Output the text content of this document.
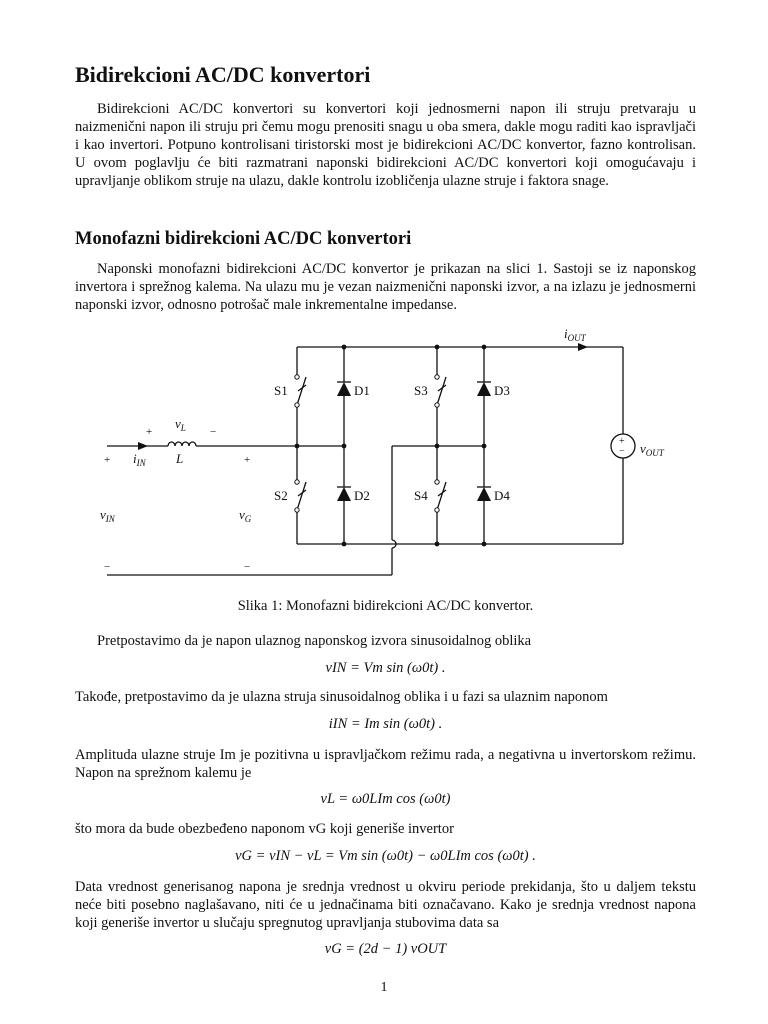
Bidirekcioni AC/DC konvertori

Bidirekcioni AC/DC konvertori su konvertori koji jednosmerni napon ili struju pretvaraju u naizmenični napon ili struju pri čemu mogu prenositi snagu u oba smera, dakle mogu raditi kao ispravljači i kao invertori. Potpuno kontrolisani tiristorski most je bidirekcioni AC/DC konvertor, fazno kontrolisan. U ovom poglavlju će biti razmatrani naponski bidirekcioni AC/DC konvertori koji omogućavaju i upravljanje oblikom struje na ulazu, dakle kontrolu izobličenja ulazne struje i faktora snage.

Monofazni bidirekcioni AC/DC konvertori

Naponski monofazni bidirekcioni AC/DC konvertor je prikazan na slici 1. Sastoji se iz naponskog invertora i sprežnog kalema. Na ulazu mu je vezan naizmenični naponski izvor, a na izlazu je jednosmerni naponski izvor, odnosno potrošač male inkrementalne impedanse.

$i_{OUT}$
$v_{OUT}$
+
−
S1	D1	S3	D3
S2	D2	S4	D4
$v_L$
+	−
L
+ $i_{IN}$	+
$v_{IN}$	$v_G$
−	−
Slika 1: Monofazni bidirekcioni AC/DC konvertor.

Pretpostavimo da je napon ulaznog naponskog izvora sinusoidalnog oblika

vIN = Vm sin (ω0t) .

Takođe, pretpostavimo da je ulazna struja sinusoidalnog oblika i u fazi sa ulaznim naponom

iIN = Im sin (ω0t) .

Amplituda ulazne struje Im je pozitivna u ispravljačkom režimu rada, a negativna u invertorskom režimu. Napon na sprežnom kalemu je

vL = ω0LIm cos (ω0t)

što mora da bude obezbeđeno naponom vG koji generiše invertor

vG = vIN − vL = Vm sin (ω0t) − ω0LIm cos (ω0t) .

Data vrednost generisanog napona je srednja vrednost u okviru periode prekidanja, što u daljem tekstu neće biti posebno naglašavano, niti će u jednačinama biti označavano. Kako je srednja vrednost napona koji generiše invertor u slučaju spregnutog upravljanja stubovima data sa

vG = (2d − 1) vOUT
1
